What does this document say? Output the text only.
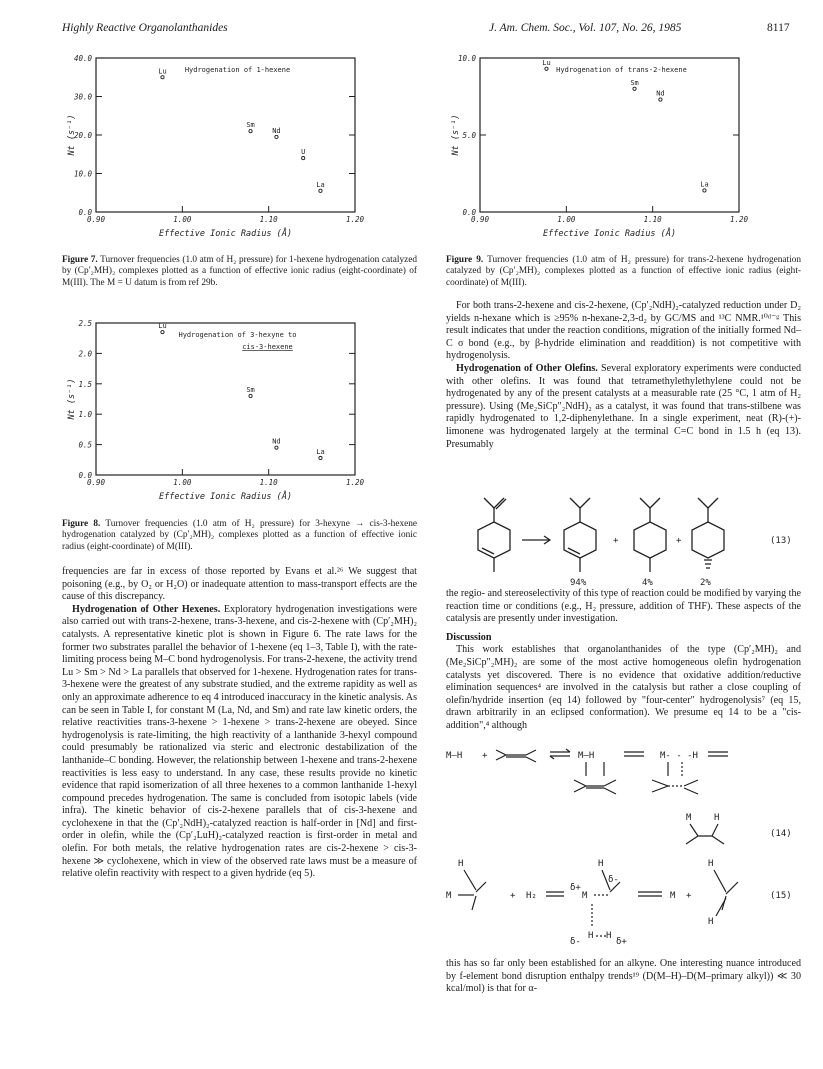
Highly Reactive Organolanthanides	J. Am. Chem. Soc., Vol. 107, No. 26, 1985	8117
0.0
10.0
20.0
30.0
40.0
0.90	1.00	1.10	1.20
Hydrogenation of 1-hexene
Effective Ionic Radius (Å)
Nt (s⁻¹)
Lu
Sm
Nd
U
La
Figure 7. Turnover frequencies (1.0 atm of H₂ pressure) for 1-hexene hydrogenation catalyzed by (Cp′₂MH)₂ complexes plotted as a function of effective ionic radius (eight-coordinate) of M(III). The M = U datum is from ref 29b.
0.0
0.5
1.0
1.5
2.0
2.5
0.90	1.00	1.10	1.20
Hydrogenation of 3-hexyne to
cis-3-hexene
Effective Ionic Radius (Å)
Nt (s⁻¹)
Lu
Sm
Nd
La
Figure 8. Turnover frequencies (1.0 atm of H₂ pressure) for 3-hexyne → cis-3-hexene hydrogenation catalyzed by (Cp′₂MH)₂ complexes plotted as a function of effective ionic radius (eight-coordinate) of M(III).
0.0
5.0
10.0
0.90	1.00	1.10	1.20
Hydrogenation of trans-2-hexene
Effective Ionic Radius (Å)
Nt (s⁻¹)
Lu
Sm
Nd
La
Figure 9. Turnover frequencies (1.0 atm of H₂ pressure) for trans-2-hexene hydrogenation catalyzed by (Cp′₂MH)₂ complexes plotted as a function of effective ionic radius (eight-coordinate) of M(III).

frequencies are far in excess of those reported by Evans et al.²⁶ We suggest that poisoning (e.g., by O₂ or H₂O) or inadequate attention to mass-transport effects are the cause of this discrepancy.

Hydrogenation of Other Hexenes. Exploratory hydrogenation investigations were also carried out with trans-2-hexene, trans-3-hexene, and cis-2-hexene with (Cp′₂MH)₂ catalysts. A representative kinetic plot is shown in Figure 6. The rate laws for the former two substrates parallel the behavior of 1-hexene (eq 1–3, Table I), with the rate-limiting process being M–C bond hydrogenolysis. For trans-2-hexene, the activity trend Lu > Sm > Nd > La parallels that observed for 1-hexene. Hydrogenation rates for trans-3-hexene were the greatest of any substrate studied, and the extreme rapidity as well as only an approximate adherence to eq 4 introduced inaccuracy in the kinetic analysis. As can be seen in Table I, for constant M (La, Nd, and Sm) and rate law kinetic orders, the relative reactivities trans-3-hexene > 1-hexene > trans-2-hexene are obeyed. Since hydrogenolysis is rate-limiting, the high reactivity of a lanthanide 3-hexyl compound could presumably be rationalized via steric and electronic destabilization of the lanthanide–C bonding. However, the relationship between 1-hexene and trans-2-hexene reactivities is less easy to understand. In any case, these results provide no kinetic evidence that rapid isomerization of all three hexenes to a common lanthanide 1-hexyl compound precedes hydrogenation. The same is concluded from isotopic labels (vide infra). The kinetic behavior of cis-2-hexene parallels that of cis-3-hexene and cyclohexene in that the (Cp′₂NdH)₂-catalyzed reaction is half-order in [Nd] and first-order in olefin, while the (Cp′₂LuH)₂-catalyzed reaction is first-order in metal and olefin. For both metals, the relative hydrogenation rates are cis-2-hexene > cis-3-hexene ≫ cyclohexene, which in view of the observed rate laws must be a measure of relative olefin reactivity with respect to a given hydride (eq 5).

For both trans-2-hexene and cis-2-hexene, (Cp′₂NdH)₂-catalyzed reduction under D₂ yields n-hexane which is ≥95% n-hexane-2,3-d₂ by GC/MS and ¹³C NMR.¹⁰ᵈ⁻ᵍ This result indicates that under the reaction conditions, migration of the initially formed Nd–C σ bond (e.g., by β-hydride elimination and readdition) is not competitive with hydrogenolysis.

Hydrogenation of Other Olefins. Several exploratory experiments were conducted with other olefins. It was found that tetramethylethylethylene could not be hydrogenated by any of the present catalysts at a measurable rate (25 °C, 1 atm of H₂ pressure). Using (Me₂SiCp″₂NdH)₂ as a catalyst, it was found that trans-stilbene was rapidly hydrogenated to 1,2-diphenylethane. In a single experiment, neat (R)-(+)-limonene was hydrogenated largely at the terminal C=C bond in 1.5 h (eq 13). Presumably

+	+	(13)
94%	4%	2%

the regio- and stereoselectivity of this type of reaction could be modified by varying the reaction time or conditions (e.g., H₂ pressure, addition of THF). These aspects of the catalysis are presently under investigation.

Discussion

This work establishes that organolanthanides of the type (Cp′₂MH)₂ and (Me₂SiCp″₂MH)₂ are some of the most active homogeneous olefin hydrogenation catalysts yet discovered. There is no evidence that oxidative addition/reductive elimination sequences⁴ are involved in the catalysis but rather a close coupling of olefin/hydride insertion (eq 14) followed by "four-center" hydrogenolysis⁷ (eq 15, drawn arbitrarily in an eclipsed conformation). We presume eq 14 to be a "cis-addition",⁴ although

M—H +	M—H	M- - -H
M	H
(14)
M
H
+ H₂
δ+
M
H
δ-
δ-
H H
δ+
M +
H
H
(15)

this has so far only been established for an alkyne. One interesting nuance introduced by f-element bond disruption enthalpy trends¹⁹ (D(M–H)–D(M–primary alkyl)) ≪ 30 kcal/mol) is that for α-
